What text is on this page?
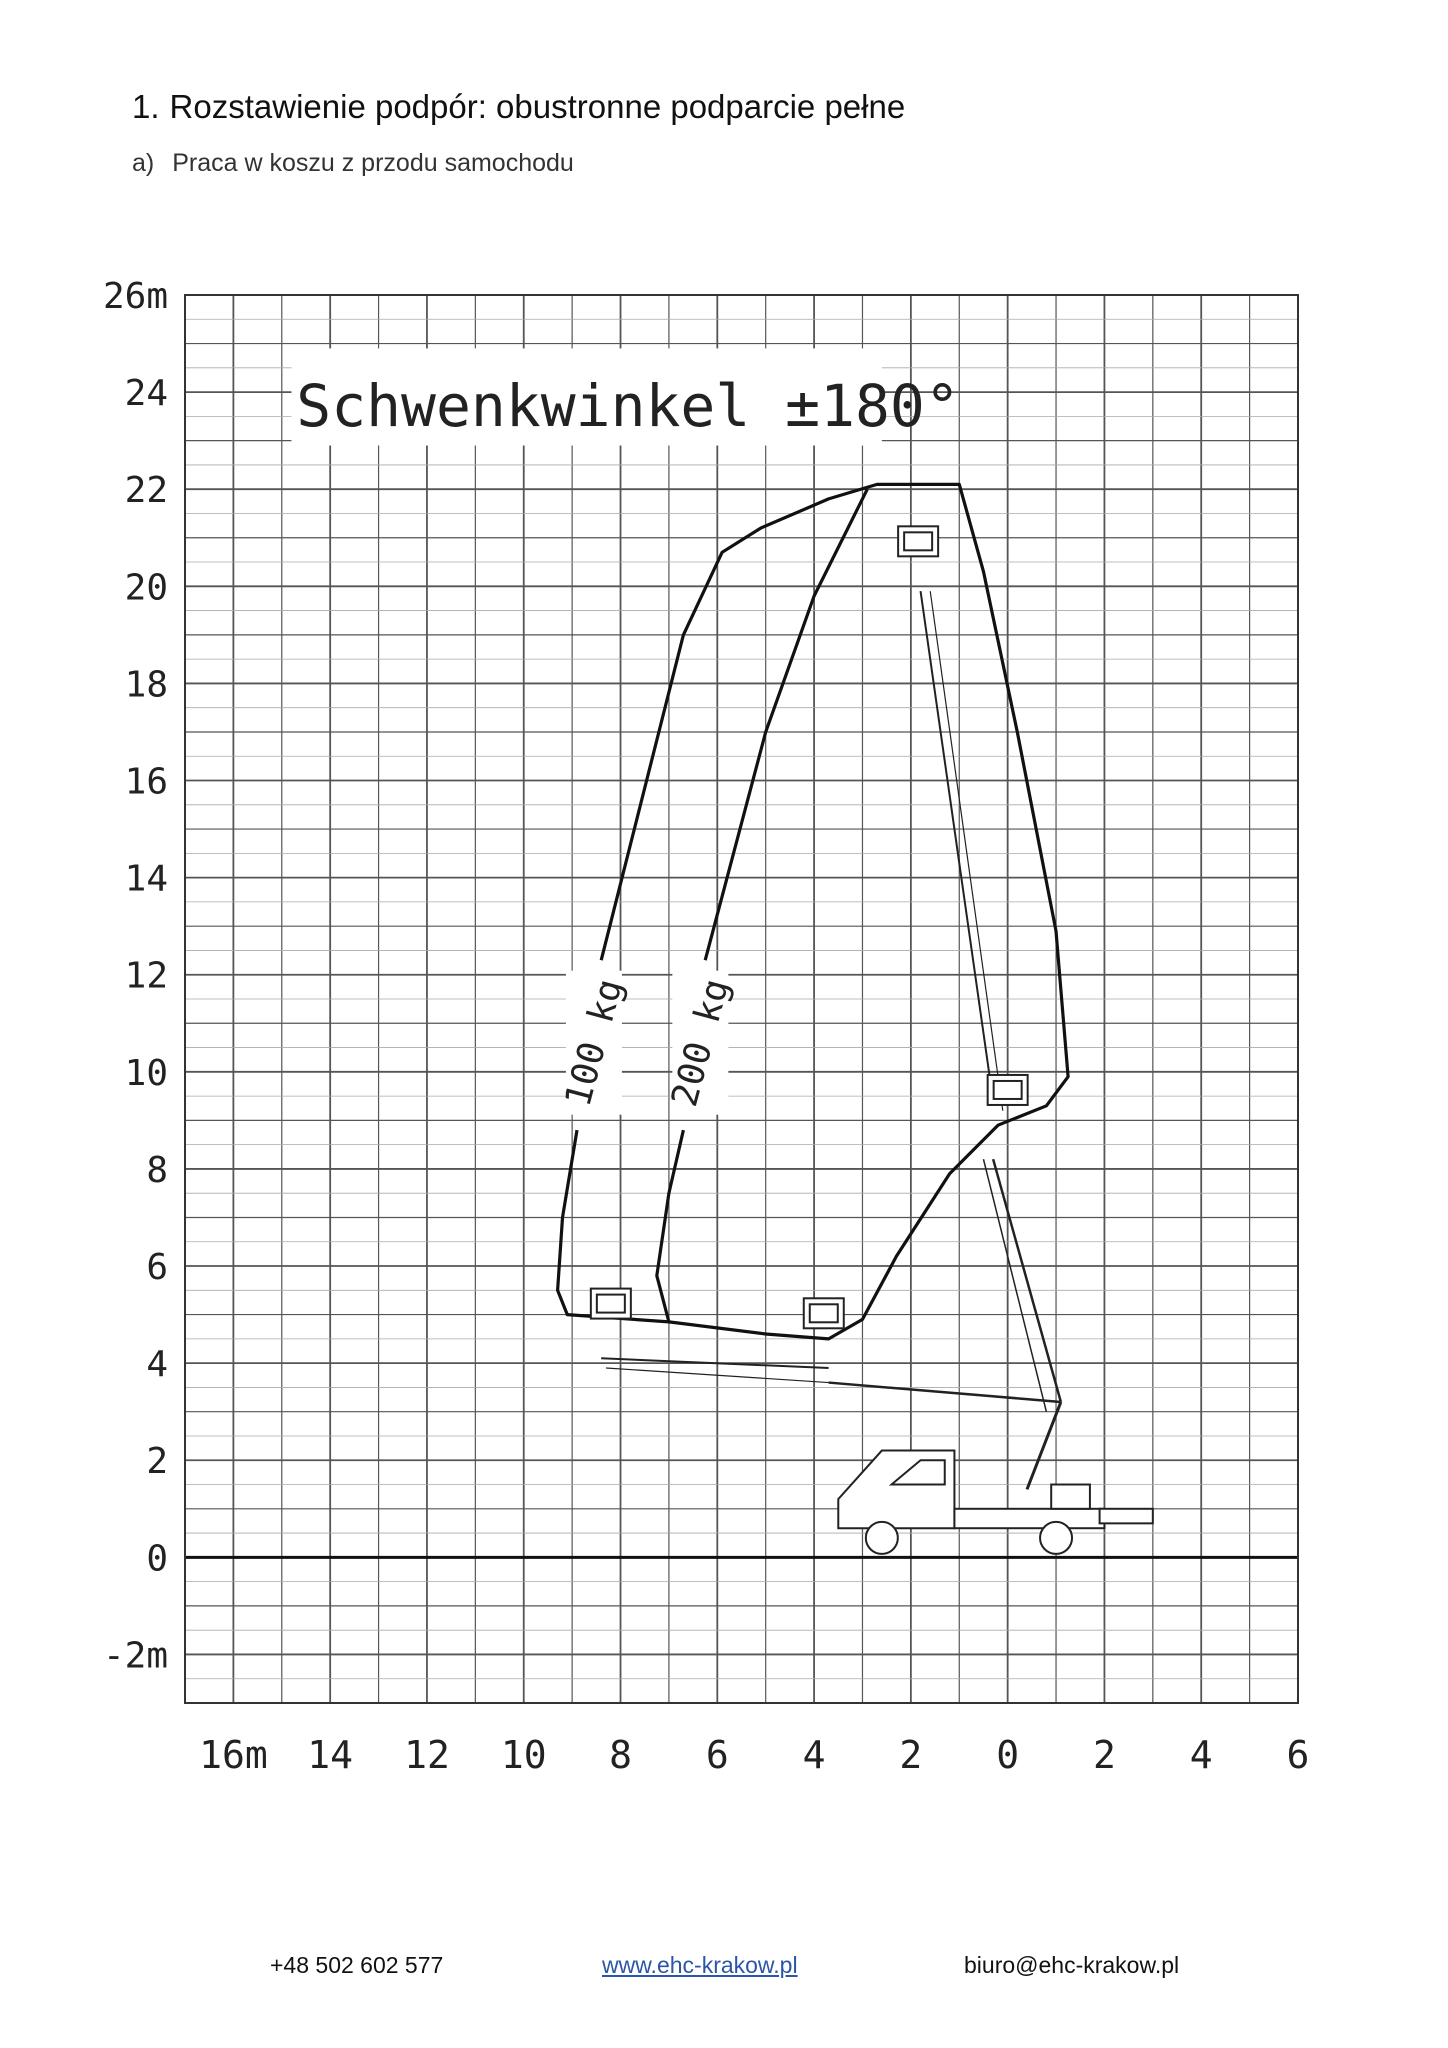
1. Rozstawienie podpór: obustronne podparcie pełne
a) Praca w koszu z przodu samochodu
Schwenkwinkel ±180°
26m
24
22
20
18
16
14
12
10
8
6
4
2
0
-2m
16m 14 12 10 8 6 4 2 0 2 4 6
100 kg 200 kg
+48 502 602 577	www.ehc-krakow.pl	biuro@ehc-krakow.pl
